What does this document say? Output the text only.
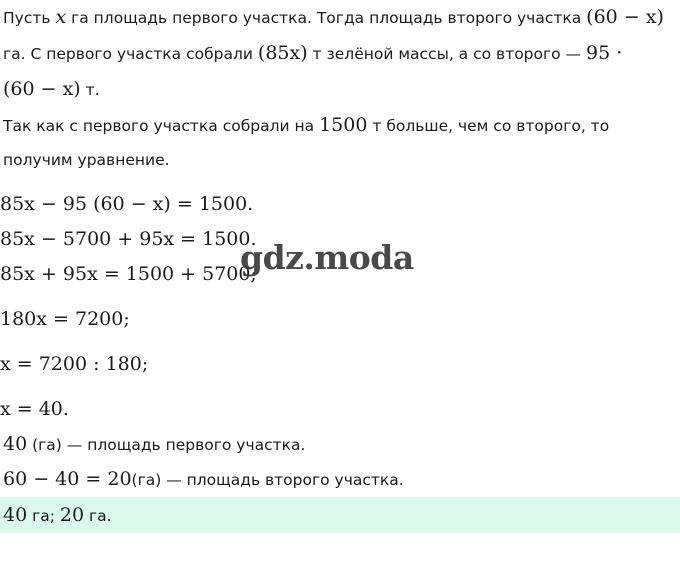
Пусть x га площадь первого участка. Тогда площадь второго участка (60 − x)
га. С первого участка собрали (85x) т зелёной массы, а со второго — 95 ·
(60 − x) т.
Так как с первого участка собрали на 1500 т больше, чем со второго, то
получим уравнение.
85x − 95 (60 − x) = 1500.
85x − 5700 + 95x = 1500.
85x + 95x = 1500 + 5700;
180x = 7200;
x = 7200 : 180;
x = 40.
40 (га) — площадь первого участка.
60 − 40 = 20(га) — площадь второго участка.
40 га; 20 га.
gdz.moda
